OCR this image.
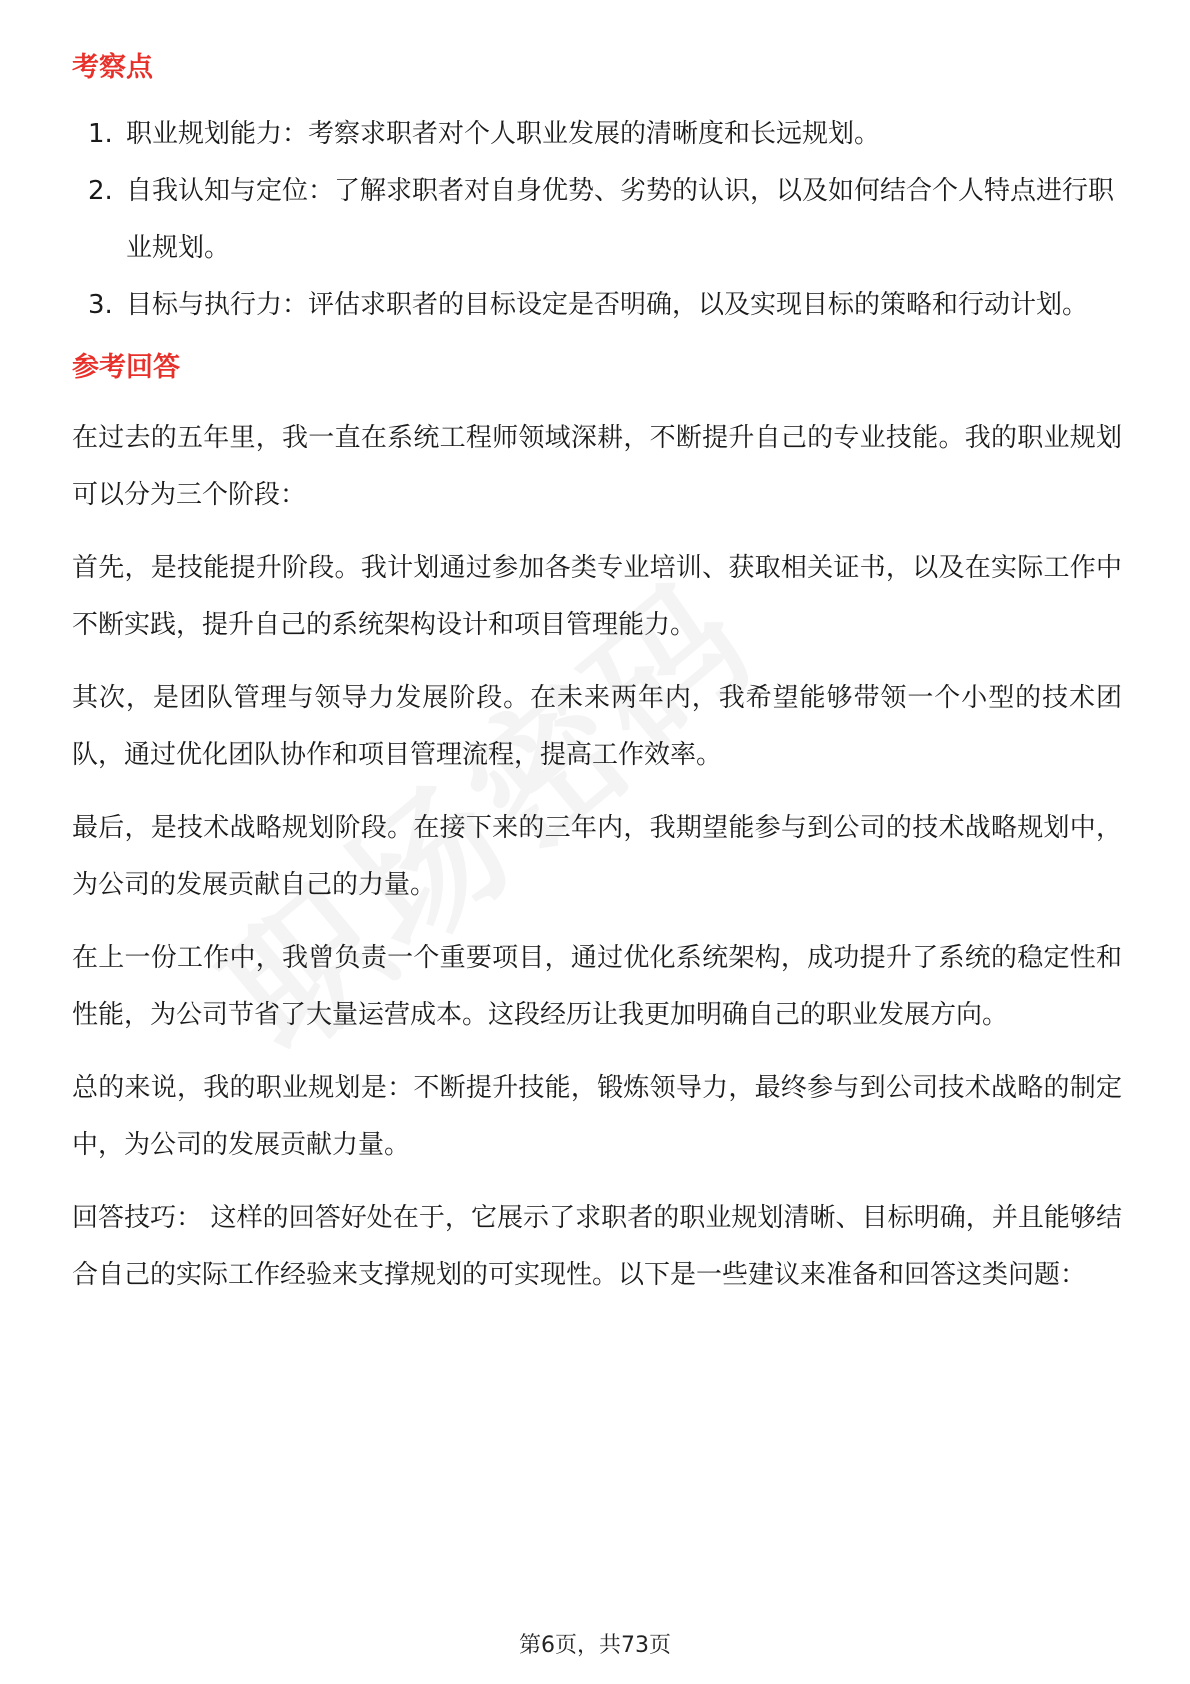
考察点
1. 职业规划能力：考察求职者对个人职业发展的清晰度和长远规划。
2. 自我认知与定位：了解求职者对自身优势、劣势的认识，以及如何结合个人特点进行职业规划。
3. 目标与执行力：评估求职者的目标设定是否明确，以及实现目标的策略和行动计划。
参考回答

在过去的五年里，我一直在系统工程师领域深耕，不断提升自己的专业技能。我的职业规划可以分为三个阶段：

首先，是技能提升阶段。我计划通过参加各类专业培训、获取相关证书，以及在实际工作中不断实践，提升自己的系统架构设计和项目管理能力。

其次，是团队管理与领导力发展阶段。在未来两年内，我希望能够带领一个小型的技术团队，通过优化团队协作和项目管理流程，提高工作效率。

最后，是技术战略规划阶段。在接下来的三年内，我期望能参与到公司的技术战略规划中，为公司的发展贡献自己的力量。

在上一份工作中，我曾负责一个重要项目，通过优化系统架构，成功提升了系统的稳定性和性能，为公司节省了大量运营成本。这段经历让我更加明确自己的职业发展方向。

总的来说，我的职业规划是：不断提升技能，锻炼领导力，最终参与到公司技术战略的制定中，为公司的发展贡献力量。

回答技巧： 这样的回答好处在于，它展示了求职者的职业规划清晰、目标明确，并且能够结合自己的实际工作经验来支撑规划的可实现性。以下是一些建议来准备和回答这类问题：

第6页，共73页
